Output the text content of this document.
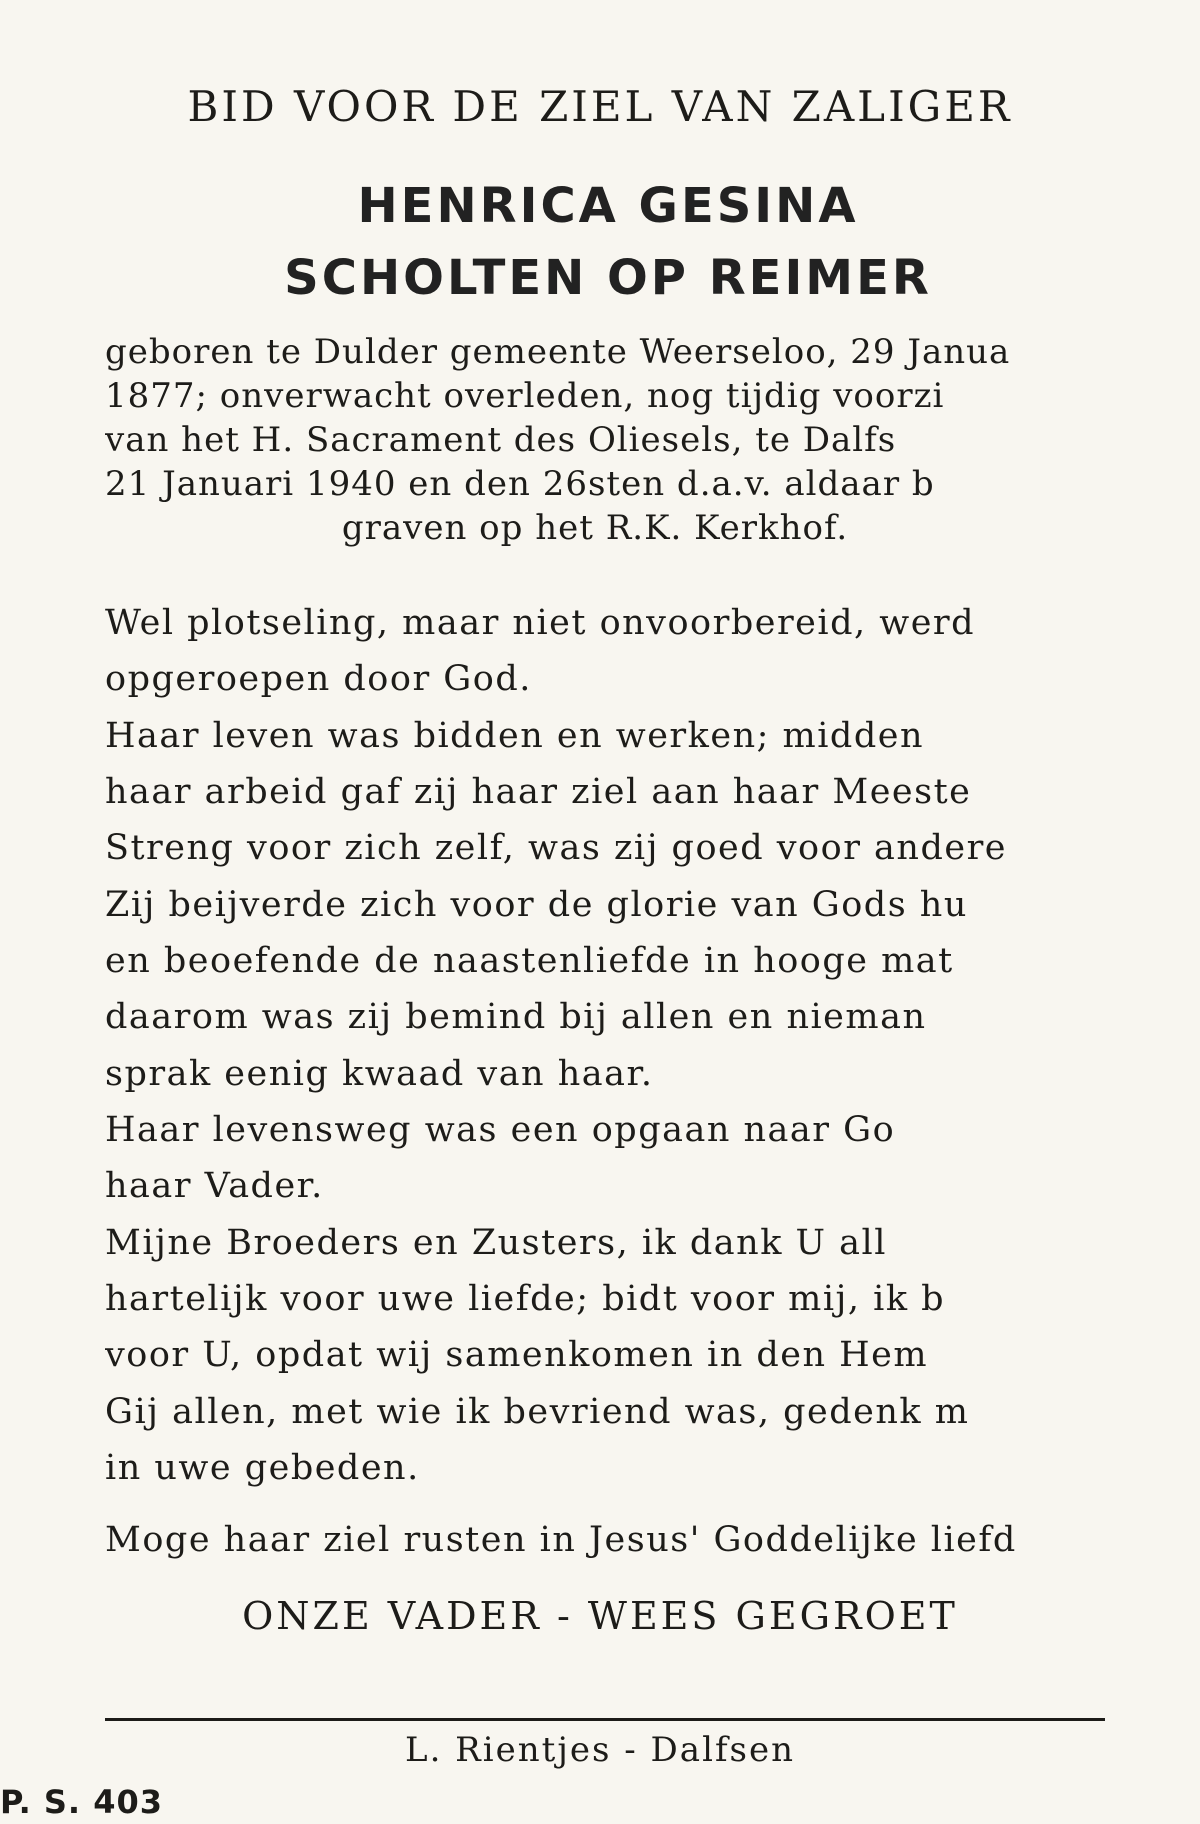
BID VOOR DE ZIEL VAN ZALIGER
HENRICA GESINA
SCHOLTEN OP REIMER
geboren te Dulder gemeente Weerseloo, 29 Janua
1877; onverwacht overleden, nog tijdig voorzi
van het H. Sacrament des Oliesels, te Dalfs
21 Januari 1940 en den 26sten d.a.v. aldaar b
graven op het R.K. Kerkhof.
Wel plotseling, maar niet onvoorbereid, werd
opgeroepen door God.
Haar leven was bidden en werken; midden
haar arbeid gaf zij haar ziel aan haar Meeste
Streng voor zich zelf, was zij goed voor andere
Zij beijverde zich voor de glorie van Gods hu
en beoefende de naastenliefde in hooge mat
daarom was zij bemind bij allen en nieman
sprak eenig kwaad van haar.
Haar levensweg was een opgaan naar Go
haar Vader.
Mijne Broeders en Zusters, ik dank U all
hartelijk voor uwe liefde; bidt voor mij, ik b
voor U, opdat wij samenkomen in den Hem
Gij allen, met wie ik bevriend was, gedenk m
in uwe gebeden.
Moge haar ziel rusten in Jesus' Goddelijke liefd
ONZE VADER - WEES GEGROET
L. Rientjes - Dalfsen
P. S. 403
